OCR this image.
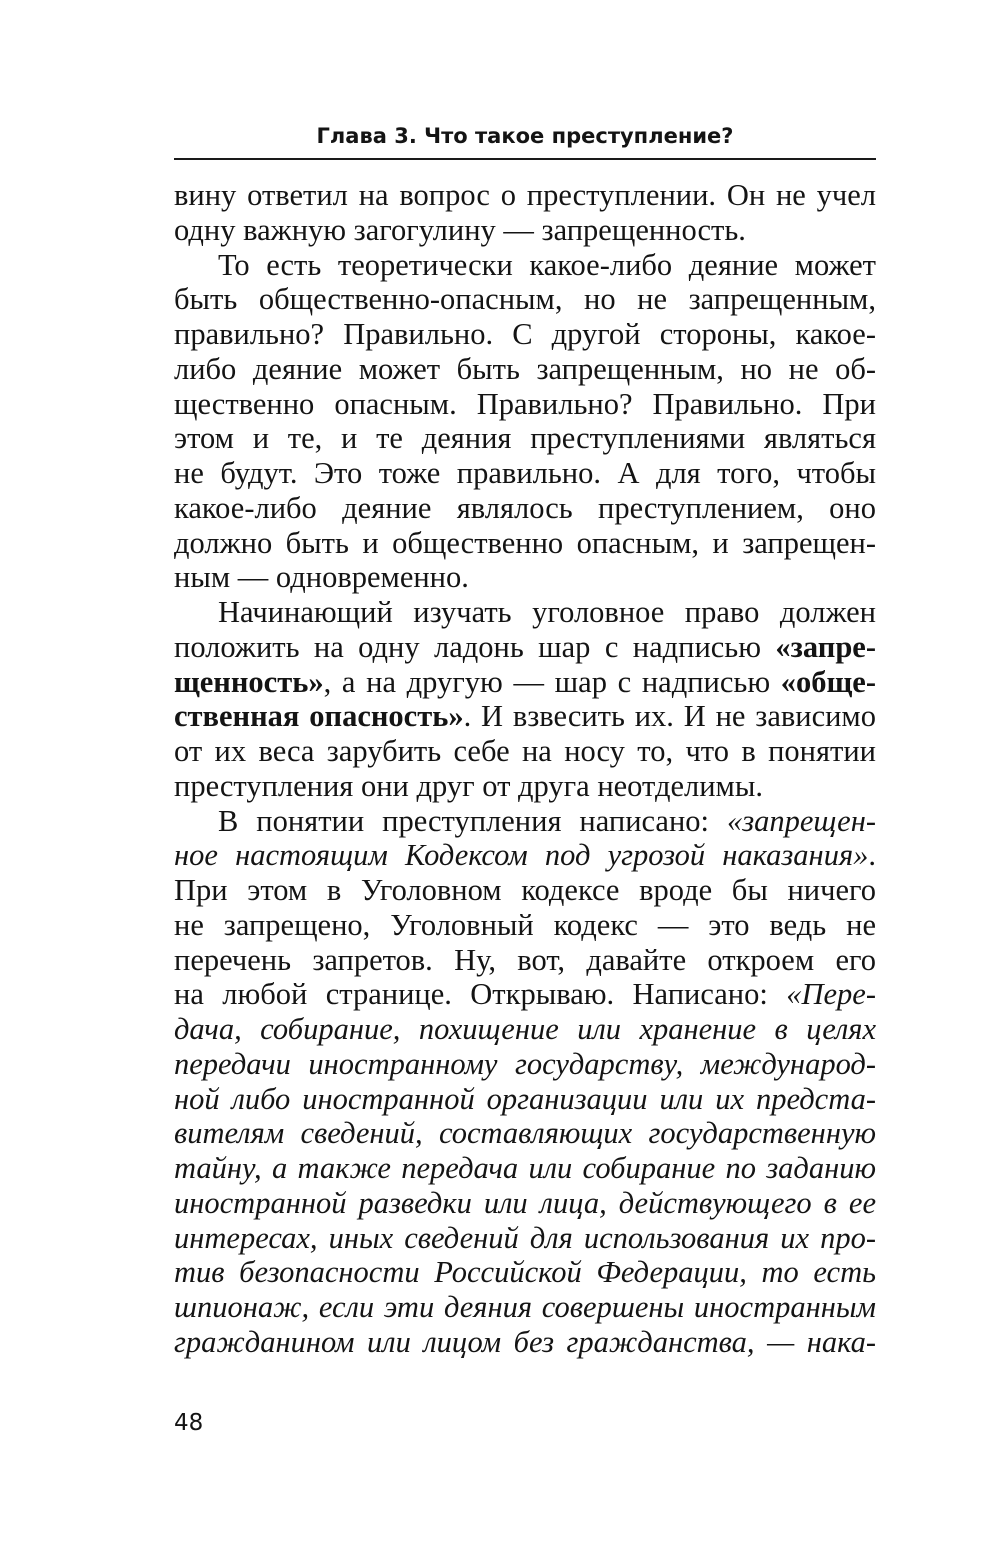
Глава 3. Что такое преступление?
вину ответил на вопрос о преступлении. Он не учел
одну важную загогулину — запрещенность.
То есть теоретически какое-либо деяние может
быть общественно-опасным, но не запрещенным,
правильно? Правильно. С другой стороны, какое-
либо деяние может быть запрещенным, но не об-
щественно опасным. Правильно? Правильно. При
этом и те, и те деяния преступлениями являться
не будут. Это тоже правильно. А для того, чтобы
какое-либо деяние являлось преступлением, оно
должно быть и общественно опасным, и запрещен-
ным — одновременно.
Начинающий изучать уголовное право должен
положить на одну ладонь шар с надписью «запре-
щенность», а на другую — шар с надписью «обще-
ственная опасность». И взвесить их. И не зависимо
от их веса зарубить себе на носу то, что в понятии
преступления они друг от друга неотделимы.
В понятии преступления написано: «запрещен-
ное настоящим Кодексом под угрозой наказания».
При этом в Уголовном кодексе вроде бы ничего
не запрещено, Уголовный кодекс — это ведь не
перечень запретов. Ну, вот, давайте откроем его
на любой странице. Открываю. Написано: «Пере-
дача, собирание, похищение или хранение в целях
передачи иностранному государству, международ-
ной либо иностранной организации или их предста-
вителям сведений, составляющих государственную
тайну, а также передача или собирание по заданию
иностранной разведки или лица, действующего в ее
интересах, иных сведений для использования их про-
тив безопасности Российской Федерации, то есть
шпионаж, если эти деяния совершены иностранным
гражданином или лицом без гражданства, — нака-
48
